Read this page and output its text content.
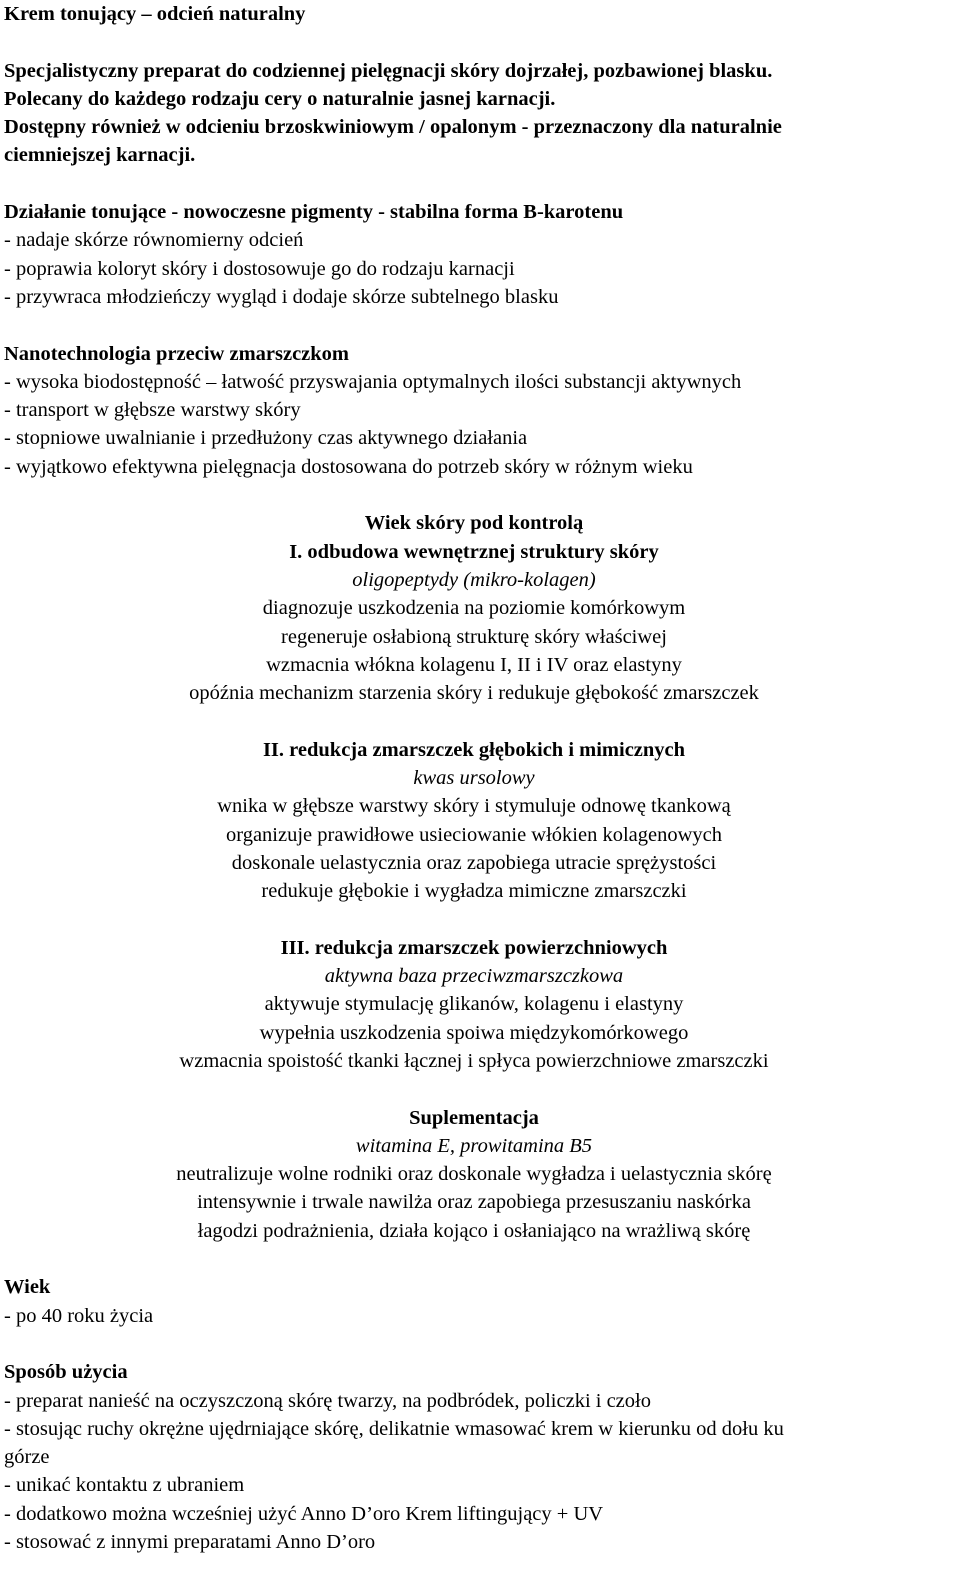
Krem tonujący – odcień naturalny

Specjalistyczny preparat do codziennej pielęgnacji skóry dojrzałej, pozbawionej blasku.

Polecany do każdego rodzaju cery o naturalnie jasnej karnacji.

Dostępny również w odcieniu brzoskwiniowym / opalonym - przeznaczony dla naturalnie

ciemniejszej karnacji.

Działanie tonujące - nowoczesne pigmenty - stabilna forma B-karotenu

- nadaje skórze równomierny odcień

- poprawia koloryt skóry i dostosowuje go do rodzaju karnacji

- przywraca młodzieńczy wygląd i dodaje skórze subtelnego blasku

Nanotechnologia przeciw zmarszczkom

- wysoka biodostępność – łatwość przyswajania optymalnych ilości substancji aktywnych

- transport w głębsze warstwy skóry

- stopniowe uwalnianie i przedłużony czas aktywnego działania

- wyjątkowo efektywna pielęgnacja dostosowana do potrzeb skóry w różnym wieku

Wiek skóry pod kontrolą

I. odbudowa wewnętrznej struktury skóry

oligopeptydy (mikro-kolagen)

diagnozuje uszkodzenia na poziomie komórkowym

regeneruje osłabioną strukturę skóry właściwej

wzmacnia włókna kolagenu I, II i IV oraz elastyny

opóźnia mechanizm starzenia skóry i redukuje głębokość zmarszczek

II. redukcja zmarszczek głębokich i mimicznych

kwas ursolowy

wnika w głębsze warstwy skóry i stymuluje odnowę tkankową

organizuje prawidłowe usieciowanie włókien kolagenowych

doskonale uelastycznia oraz zapobiega utracie sprężystości

redukuje głębokie i wygładza mimiczne zmarszczki

III. redukcja zmarszczek powierzchniowych

aktywna baza przeciwzmarszczkowa

aktywuje stymulację glikanów, kolagenu i elastyny

wypełnia uszkodzenia spoiwa międzykomórkowego

wzmacnia spoistość tkanki łącznej i spłyca powierzchniowe zmarszczki

Suplementacja

witamina E, prowitamina B5

neutralizuje wolne rodniki oraz doskonale wygładza i uelastycznia skórę

intensywnie i trwale nawilża oraz zapobiega przesuszaniu naskórka

łagodzi podrażnienia, działa kojąco i osłaniająco na wrażliwą skórę

Wiek

- po 40 roku życia

Sposób użycia

- preparat nanieść na oczyszczoną skórę twarzy, na podbródek, policzki i czoło

- stosując ruchy okrężne ujędrniające skórę, delikatnie wmasować krem w kierunku od dołu ku

górze

- unikać kontaktu z ubraniem

- dodatkowo można wcześniej użyć Anno D’oro Krem liftingujący + UV

- stosować z innymi preparatami Anno D’oro
